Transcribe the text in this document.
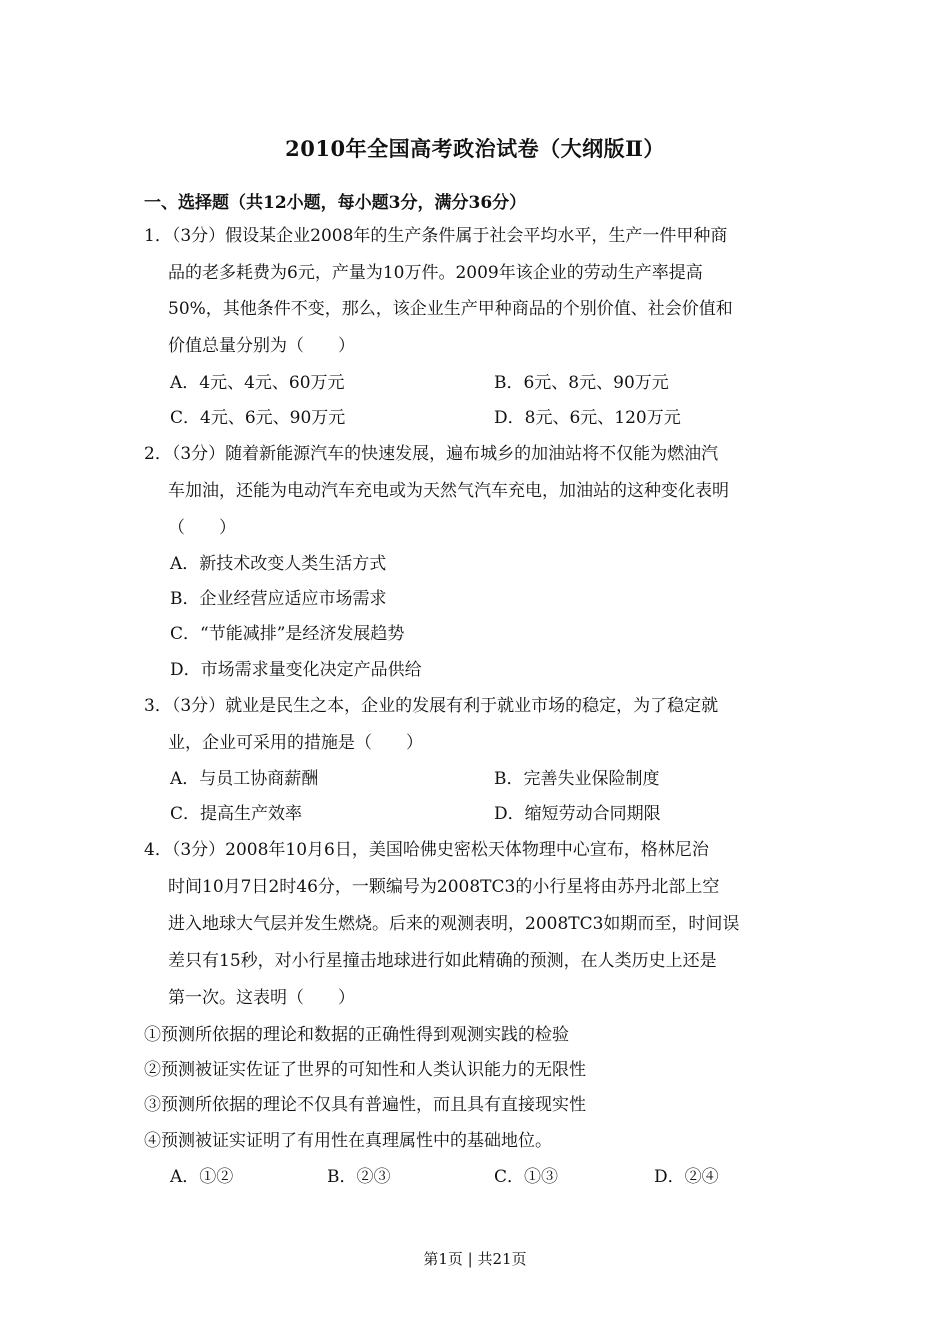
2010年全国高考政治试卷（大纲版Ⅱ）
一、选择题（共12小题，每小题3分，满分36分）
1．（3分）假设某企业2008年的生产条件属于社会平均水平，生产一件甲种商
品的老多耗费为6元，产量为10万件。2009年该企业的劳动生产率提高
50%，其他条件不变，那么，该企业生产甲种商品的个别价值、社会价值和
价值总量分别为（　　）
A．4元、4元、60万元	B．6元、8元、90万元
C．4元、6元、90万元	D．8元、6元、120万元
2．（3分）随着新能源汽车的快速发展，遍布城乡的加油站将不仅能为燃油汽
车加油，还能为电动汽车充电或为天然气汽车充电，加油站的这种变化表明
（　　）
A．新技术改变人类生活方式
B．企业经营应适应市场需求
C．“节能减排”是经济发展趋势
D．市场需求量变化决定产品供给
3．（3分）就业是民生之本，企业的发展有利于就业市场的稳定，为了稳定就
业，企业可采用的措施是（　　）
A．与员工协商薪酬	B．完善失业保险制度
C．提高生产效率	D．缩短劳动合同期限
4．（3分）2008年10月6日，美国哈佛史密松天体物理中心宣布，格林尼治
时间10月7日2时46分，一颗编号为2008TC3的小行星将由苏丹北部上空
进入地球大气层并发生燃烧。后来的观测表明，2008TC3如期而至，时间误
差只有15秒，对小行星撞击地球进行如此精确的预测，在人类历史上还是
第一次。这表明（　　）
①预测所依据的理论和数据的正确性得到观测实践的检验
②预测被证实佐证了世界的可知性和人类认识能力的无限性
③预测所依据的理论不仅具有普遍性，而且具有直接现实性
④预测被证实证明了有用性在真理属性中的基础地位。
A．①②	B．②③	C．①③	D．②④
第1页 | 共21页
